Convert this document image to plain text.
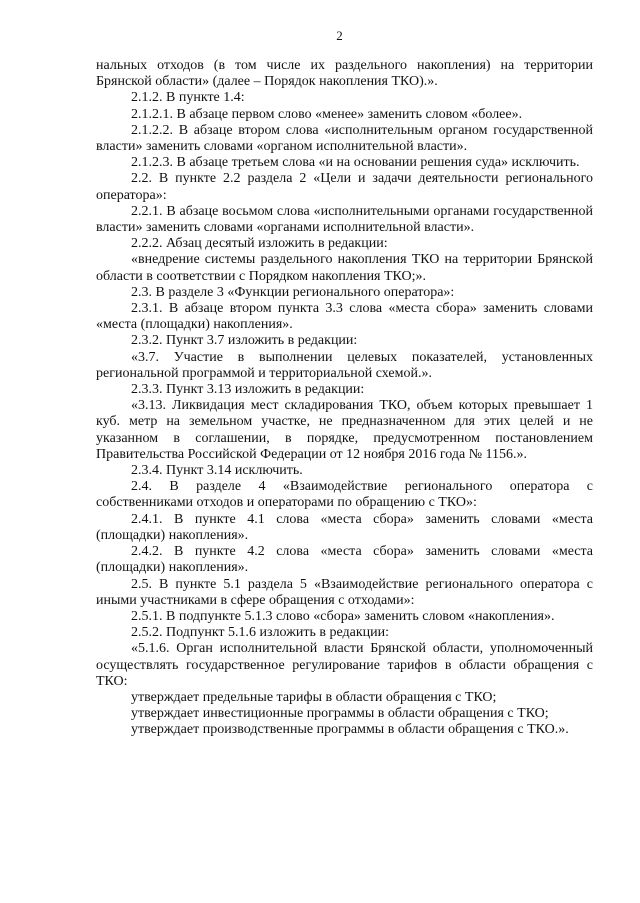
2

нальных отходов (в том числе их раздельного накопления) на территории Брянской области» (далее – Порядок накопления ТКО).».

2.1.2. В пункте 1.4:

2.1.2.1. В абзаце первом слово «менее» заменить словом «более».

2.1.2.2. В абзаце втором слова «исполнительным органом государственной власти» заменить словами «органом исполнительной власти».

2.1.2.3. В абзаце третьем слова «и на основании решения суда» исключить.

2.2. В пункте 2.2 раздела 2 «Цели и задачи деятельности регионального оператора»:

2.2.1. В абзаце восьмом слова «исполнительными органами государственной власти» заменить словами «органами исполнительной власти».

2.2.2. Абзац десятый изложить в редакции:

«внедрение системы раздельного накопления ТКО на территории Брянской области в соответствии с Порядком накопления ТКО;».

2.3. В разделе 3 «Функции регионального оператора»:

2.3.1. В абзаце втором пункта 3.3 слова «места сбора» заменить словами «места (площадки) накопления».

2.3.2. Пункт 3.7 изложить в редакции:

«3.7. Участие в выполнении целевых показателей, установленных региональной программой и территориальной схемой.».

2.3.3. Пункт 3.13 изложить в редакции:

«3.13. Ликвидация мест складирования ТКО, объем которых превышает 1 куб. метр на земельном участке, не предназначенном для этих целей и не указанном в соглашении, в порядке, предусмотренном постановлением Правительства Российской Федерации от 12 ноября 2016 года № 1156.».

2.3.4. Пункт 3.14 исключить.

2.4. В разделе 4 «Взаимодействие регионального оператора с собственниками отходов и операторами по обращению с ТКО»:

2.4.1. В пункте 4.1 слова «места сбора» заменить словами «места (площадки) накопления».

2.4.2. В пункте 4.2 слова «места сбора» заменить словами «места (площадки) накопления».

2.5. В пункте 5.1 раздела 5 «Взаимодействие регионального оператора с иными участниками в сфере обращения с отходами»:

2.5.1. В подпункте 5.1.3 слово «сбора» заменить словом «накопления».

2.5.2. Подпункт 5.1.6 изложить в редакции:

«5.1.6. Орган исполнительной власти Брянской области, уполномоченный осуществлять государственное регулирование тарифов в области обращения с ТКО:

утверждает предельные тарифы в области обращения с ТКО;

утверждает инвестиционные программы в области обращения с ТКО;

утверждает производственные программы в области обращения с ТКО.».
